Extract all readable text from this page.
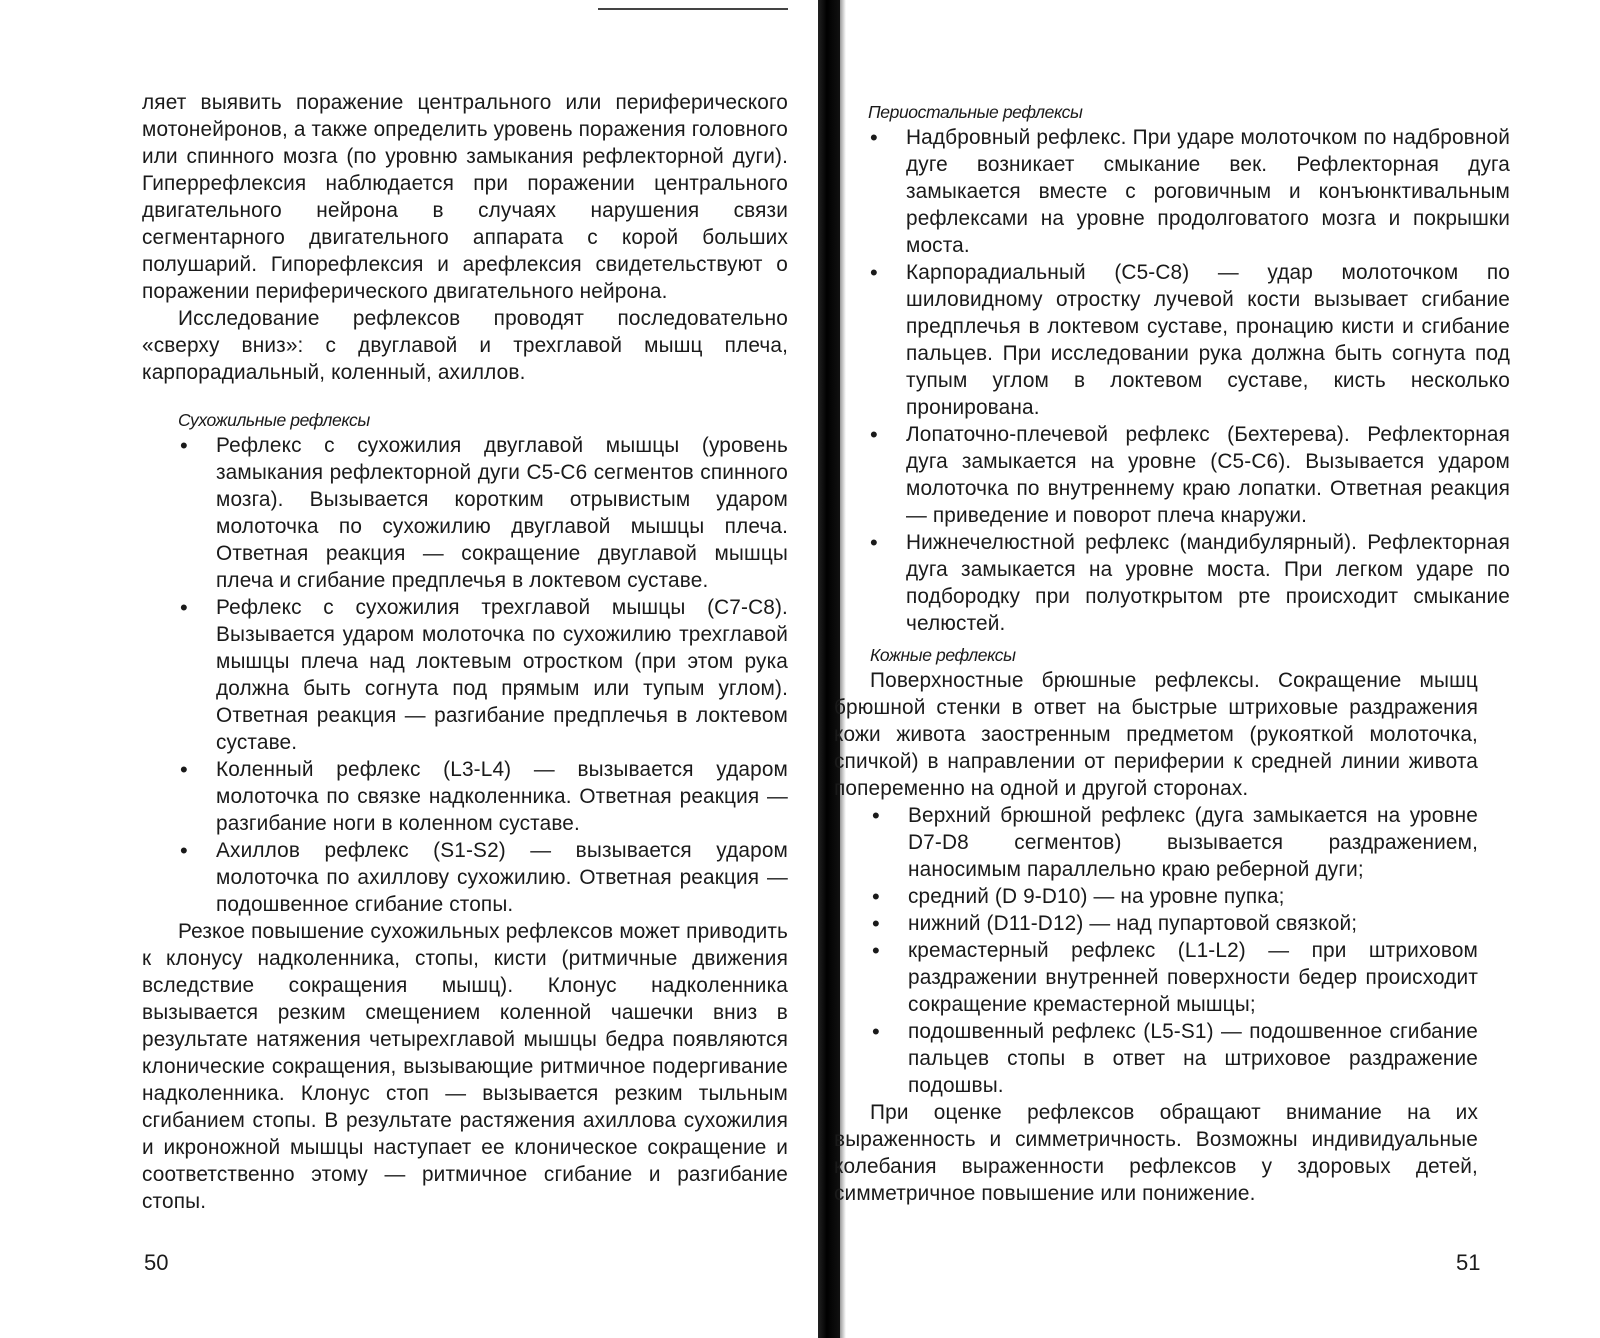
ляет выявить поражение центрального или периферического мотонейронов, а также определить уровень поражения головного или спинного мозга (по уровню замыкания рефлекторной дуги). Гиперрефлексия наблюдается при поражении центрального двигательного нейрона в случаях нарушения связи сегментарного двигательного аппарата с корой больших полушарий. Гипорефлексия и арефлексия свидетельствуют о поражении периферического двигательного нейрона.

Исследование рефлексов проводят последовательно «сверху вниз»: с двуглавой и трехглавой мышц плеча, карпорадиальный, коленный, ахиллов.

Сухожильные рефлексы

• Рефлекс с сухожилия двуглавой мышцы (уровень замыкания рефлекторной дуги С5-С6 сегментов спинного мозга). Вызывается коротким отрывистым ударом молоточка по сухожилию двуглавой мышцы плеча. Ответная реакция — сокращение двуглавой мышцы плеча и сгибание предплечья в локтевом суставе.
• Рефлекс с сухожилия трехглавой мышцы (С7-С8). Вызывается ударом молоточка по сухожилию трехглавой мышцы плеча над локтевым отростком (при этом рука должна быть согнута под прямым или тупым углом). Ответная реакция — разгибание предплечья в локтевом суставе.
• Коленный рефлекс (L3-L4) — вызывается ударом молоточка по связке надколенника. Ответная реакция — разгибание ноги в коленном суставе.
• Ахиллов рефлекс (S1-S2) — вызывается ударом молоточка по ахиллову сухожилию. Ответная реакция — подошвенное сгибание стопы.

Резкое повышение сухожильных рефлексов может приводить к клонусу надколенника, стопы, кисти (ритмичные движения вследствие сокращения мышц). Клонус надколенника вызывается резким смещением коленной чашечки вниз в результате натяжения четырехглавой мышцы бедра появляются клонические сокращения, вызывающие ритмичное подергивание надколенника. Клонус стоп — вызывается резким тыльным сгибанием стопы. В результате растяжения ахиллова сухожилия и икроножной мышцы наступает ее клоническое сокращение и соответственно этому — ритмичное сгибание и разгибание стопы.

50

Периостальные рефлексы

• Надбровный рефлекс. При ударе молоточком по надбровной дуге возникает смыкание век. Рефлекторная дуга замыкается вместе с роговичным и конъюнктивальным рефлексами на уровне продолговатого мозга и покрышки моста.
• Карпорадиальный (С5-С8) — удар молоточком по шиловидному отростку лучевой кости вызывает сгибание предплечья в локтевом суставе, пронацию кисти и сгибание пальцев. При исследовании рука должна быть согнута под тупым углом в локтевом суставе, кисть несколько пронирована.
• Лопаточно-плечевой рефлекс (Бехтерева). Рефлекторная дуга замыкается на уровне (С5-С6). Вызывается ударом молоточка по внутреннему краю лопатки. Ответная реакция — приведение и поворот плеча кнаружи.
• Нижнечелюстной рефлекс (мандибулярный). Рефлекторная дуга замыкается на уровне моста. При легком ударе по подбородку при полуоткрытом рте происходит смыкание челюстей.

Кожные рефлексы

Поверхностные брюшные рефлексы. Сокращение мышц брюшной стенки в ответ на быстрые штриховые раздражения кожи живота заостренным предметом (рукояткой молоточка, спичкой) в направлении от периферии к средней линии живота попеременно на одной и другой сторонах.

• Верхний брюшной рефлекс (дуга замыкается на уровне D7-D8 сегментов) вызывается раздражением, наносимым параллельно краю реберной дуги;
• средний (D 9-D10) — на уровне пупка;
• нижний (D11-D12) — над пупартовой связкой;
• кремастерный рефлекс (L1-L2) — при штриховом раздражении внутренней поверхности бедер происходит сокращение кремастерной мышцы;
• подошвенный рефлекс (L5-S1) — подошвенное сгибание пальцев стопы в ответ на штриховое раздражение подошвы.

При оценке рефлексов обращают внимание на их выраженность и симметричность. Возможны индивидуальные колебания выраженности рефлексов у здоровых детей, симметричное повышение или понижение.

51
